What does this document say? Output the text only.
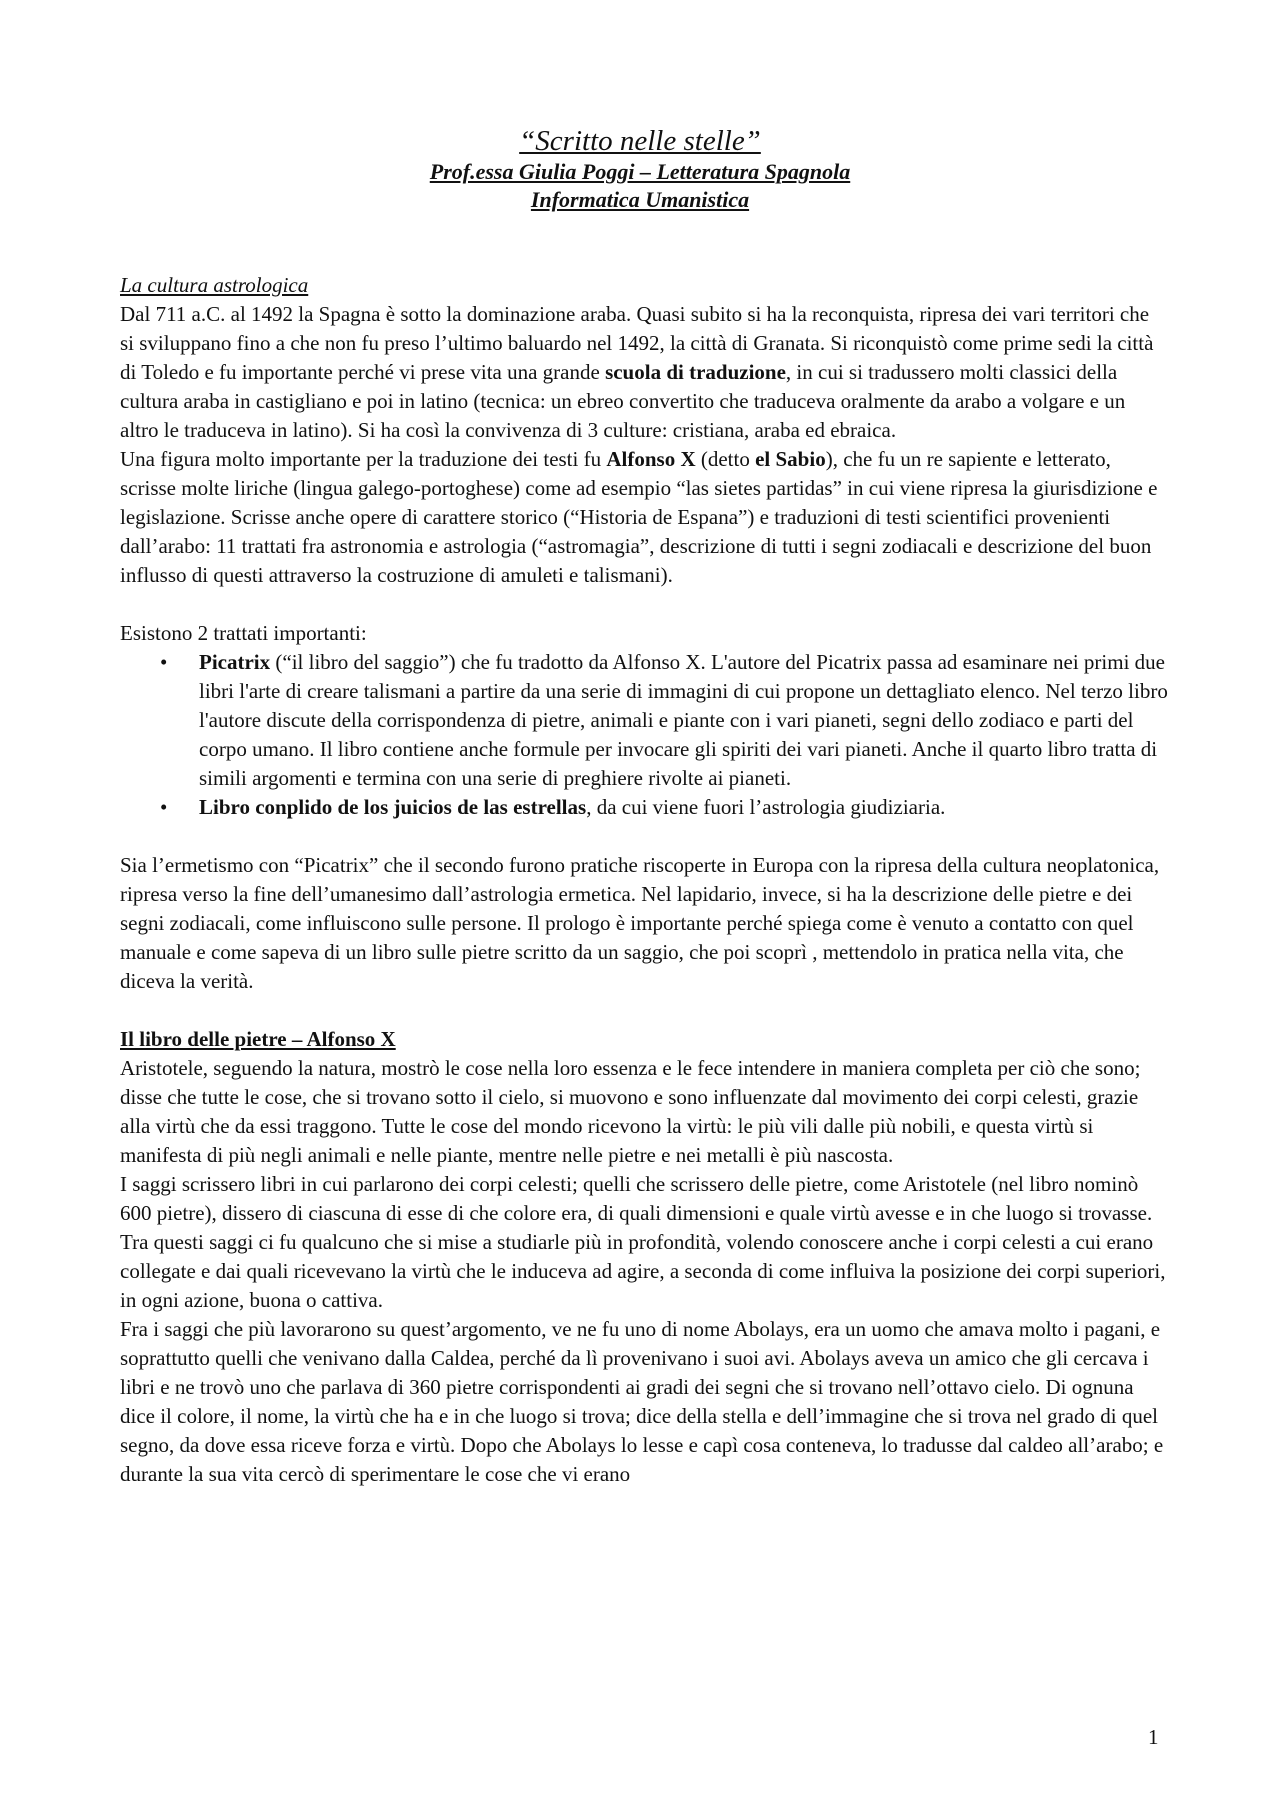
“Scritto nelle stelle”

Prof.essa Giulia Poggi – Letteratura Spagnola

Informatica Umanistica

La cultura astrologica

Dal 711 a.C. al 1492 la Spagna è sotto la dominazione araba. Quasi subito si ha la reconquista, ripresa dei vari territori che si sviluppano fino a che non fu preso l’ultimo baluardo nel 1492, la città di Granata. Si riconquistò come prime sedi la città di Toledo e fu importante perché vi prese vita una grande scuola di traduzione, in cui si tradussero molti classici della cultura araba in castigliano e poi in latino (tecnica: un ebreo convertito che traduceva oralmente da arabo a volgare e un altro le traduceva in latino). Si ha così la convivenza di 3 culture: cristiana, araba ed ebraica.

Una figura molto importante per la traduzione dei testi fu Alfonso X (detto el Sabio), che fu un re sapiente e letterato, scrisse molte liriche (lingua galego-portoghese) come ad esempio “las sietes partidas” in cui viene ripresa la giurisdizione e legislazione. Scrisse anche opere di carattere storico (“Historia de Espana”) e traduzioni di testi scientifici provenienti dall’arabo: 11 trattati fra astronomia e astrologia (“astromagia”, descrizione di tutti i segni zodiacali e descrizione del buon influsso di questi attraverso la costruzione di amuleti e talismani).

Esistono 2 trattati importanti:

• Picatrix (“il libro del saggio”) che fu tradotto da Alfonso X. L'autore del Picatrix passa ad esaminare nei primi due libri l'arte di creare talismani a partire da una serie di immagini di cui propone un dettagliato elenco. Nel terzo libro l'autore discute della corrispondenza di pietre, animali e piante con i vari pianeti, segni dello zodiaco e parti del corpo umano. Il libro contiene anche formule per invocare gli spiriti dei vari pianeti. Anche il quarto libro tratta di simili argomenti e termina con una serie di preghiere rivolte ai pianeti.
• Libro conplido de los juicios de las estrellas, da cui viene fuori l’astrologia giudiziaria.

Sia l’ermetismo con “Picatrix” che il secondo furono pratiche riscoperte in Europa con la ripresa della cultura neoplatonica, ripresa verso la fine dell’umanesimo dall’astrologia ermetica. Nel lapidario, invece, si ha la descrizione delle pietre e dei segni zodiacali, come influiscono sulle persone. Il prologo è importante perché spiega come è venuto a contatto con quel manuale e come sapeva di un libro sulle pietre scritto da un saggio, che poi scoprì , mettendolo in pratica nella vita, che diceva la verità.

Il libro delle pietre – Alfonso X

Aristotele, seguendo la natura, mostrò le cose nella loro essenza e le fece intendere in maniera completa per ciò che sono; disse che tutte le cose, che si trovano sotto il cielo, si muovono e sono influenzate dal movimento dei corpi celesti, grazie alla virtù che da essi traggono. Tutte le cose del mondo ricevono la virtù: le più vili dalle più nobili, e questa virtù si manifesta di più negli animali e nelle piante, mentre nelle pietre e nei metalli è più nascosta.

I saggi scrissero libri in cui parlarono dei corpi celesti; quelli che scrissero delle pietre, come Aristotele (nel libro nominò 600 pietre), dissero di ciascuna di esse di che colore era, di quali dimensioni e quale virtù avesse e in che luogo si trovasse. Tra questi saggi ci fu qualcuno che si mise a studiarle più in profondità, volendo conoscere anche i corpi celesti a cui erano collegate e dai quali ricevevano la virtù che le induceva ad agire, a seconda di come influiva la posizione dei corpi superiori, in ogni azione, buona o cattiva.

Fra i saggi che più lavorarono su quest’argomento, ve ne fu uno di nome Abolays, era un uomo che amava molto i pagani, e soprattutto quelli che venivano dalla Caldea, perché da lì provenivano i suoi avi. Abolays aveva un amico che gli cercava i libri e ne trovò uno che parlava di 360 pietre corrispondenti ai gradi dei segni che si trovano nell’ottavo cielo. Di ognuna dice il colore, il nome, la virtù che ha e in che luogo si trova; dice della stella e dell’immagine che si trova nel grado di quel segno, da dove essa riceve forza e virtù. Dopo che Abolays lo lesse e capì cosa conteneva, lo tradusse dal caldeo all’arabo; e durante la sua vita cercò di sperimentare le cose che vi erano

1
